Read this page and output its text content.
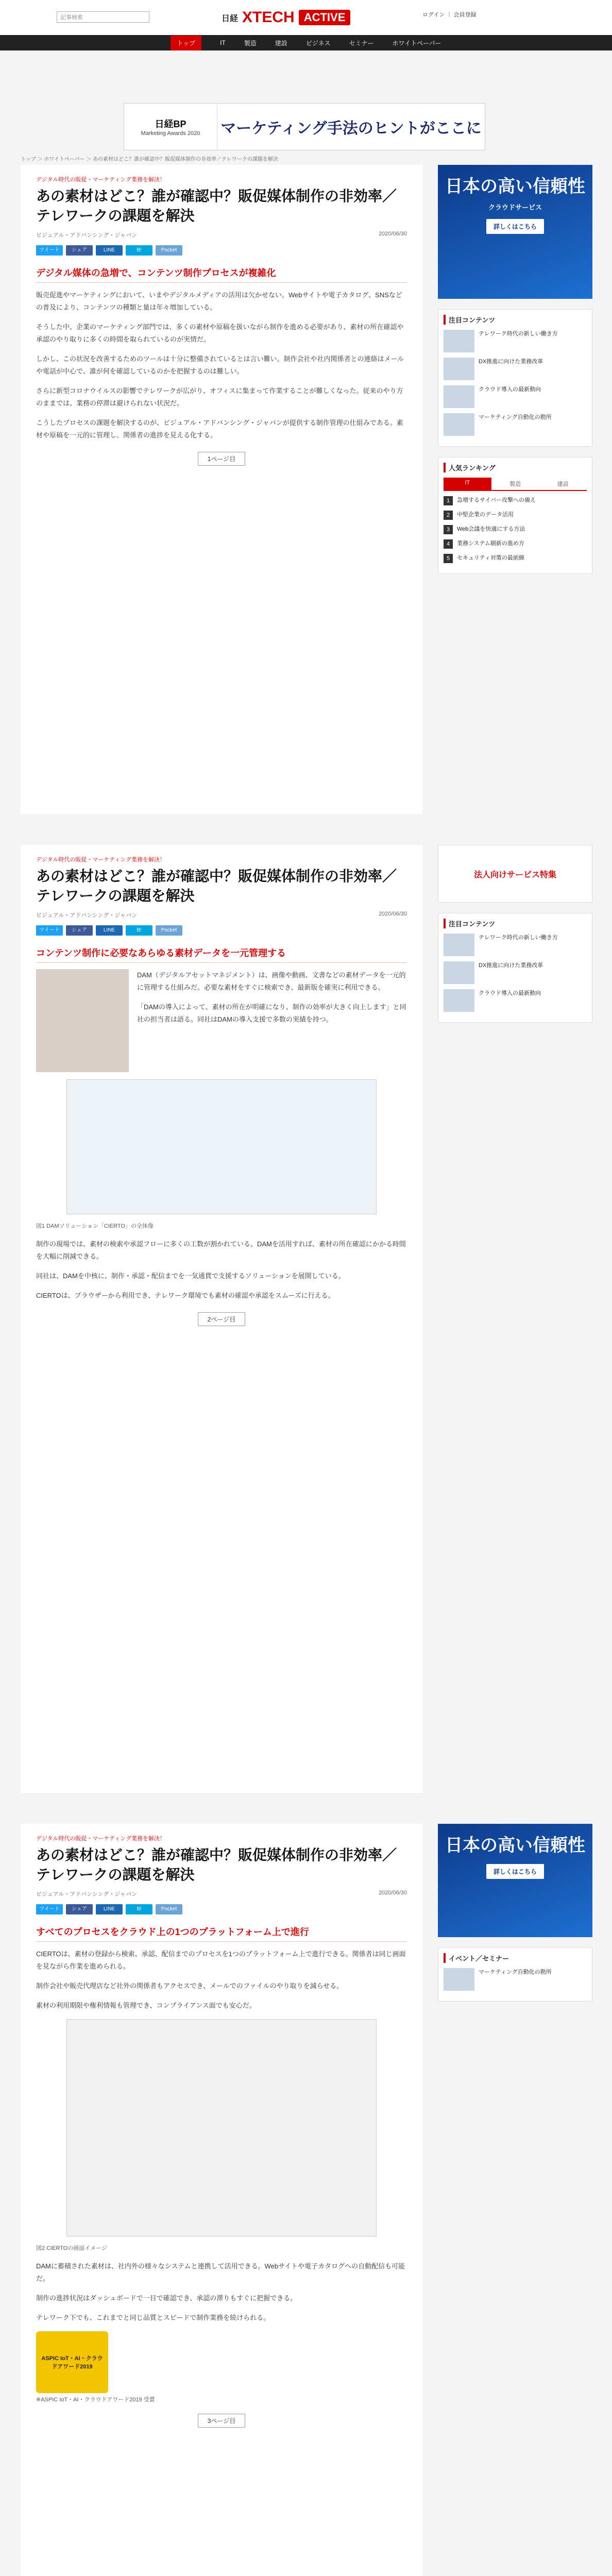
記事検索	日経 XTECH ACTIVE	ログイン ｜ 会員登録
トップ	IT	製造	建設	ビジネス	セミナー	ホワイトペーパー
日経BP
Marketing Awards 2020 マーケティング手法のヒントがここに
トップ ＞ ホワイトペーパー ＞ あの素材はどこ？誰が確認中？販促媒体制作の非効率／テレワークの課題を解決
デジタル時代の販促・マーケティング業務を解決！
あの素材はどこ？誰が確認中？販促媒体制作の非効率／テレワークの課題を解決
ビジュアル・アドバンシング・ジャパン	2020/06/30
ツイート	シェア	LINE	B!	Pocket
デジタル媒体の急増で、コンテンツ制作プロセスが複雑化

販売促進やマーケティングにおいて、いまやデジタルメディアの活用は欠かせない。Webサイトや電子カタログ、SNSなどの普及により、コンテンツの種類と量は年々増加している。

そうした中、企業のマーケティング部門では、多くの素材や原稿を扱いながら制作を進める必要があり、素材の所在確認や承認のやり取りに多くの時間を取られているのが実情だ。

しかし、この状況を改善するためのツールは十分に整備されているとは言い難い。制作会社や社内関係者との連絡はメールや電話が中心で、誰が何を確認しているのかを把握するのは難しい。

さらに新型コロナウイルスの影響でテレワークが広がり、オフィスに集まって作業することが難しくなった。従来のやり方のままでは、業務の停滞は避けられない状況だ。

こうしたプロセスの課題を解決するのが、ビジュアル・アドバンシング・ジャパンが提供する制作管理の仕組みである。素材や原稿を一元的に管理し、関係者の進捗を見える化する。

1ページ目
デジタル時代の販促・マーケティング業務を解決！
あの素材はどこ？誰が確認中？販促媒体制作の非効率／テレワークの課題を解決
ビジュアル・アドバンシング・ジャパン	2020/06/30
ツイート	シェア	LINE	B!	Pocket
コンテンツ制作に必要なあらゆる素材データを一元管理する

DAM（デジタルアセットマネジメント）は、画像や動画、文書などの素材データを一元的に管理する仕組みだ。必要な素材をすぐに検索でき、最新版を確実に利用できる。

「DAMの導入によって、素材の所在が明確になり、制作の効率が大きく向上します」と同社の担当者は語る。同社はDAMの導入支援で多数の実績を持つ。

図1 DAMソリューション「CIERTO」の全体像

制作の現場では、素材の検索や承認フローに多くの工数が割かれている。DAMを活用すれば、素材の所在確認にかかる時間を大幅に削減できる。

同社は、DAMを中核に、制作・承認・配信までを一気通貫で支援するソリューションを展開している。

CIERTOは、ブラウザーから利用でき、テレワーク環境でも素材の確認や承認をスムーズに行える。

2ページ目
デジタル時代の販促・マーケティング業務を解決！
あの素材はどこ？誰が確認中？販促媒体制作の非効率／テレワークの課題を解決
ビジュアル・アドバンシング・ジャパン	2020/06/30
ツイート	シェア	LINE	B!	Pocket
すべてのプロセスをクラウド上の1つのプラットフォーム上で進行

CIERTOは、素材の登録から検索、承認、配信までのプロセスを1つのプラットフォーム上で進行できる。関係者は同じ画面を見ながら作業を進められる。

制作会社や販売代理店など社外の関係者もアクセスでき、メールでのファイルのやり取りを減らせる。

素材の利用期限や権利情報も管理でき、コンプライアンス面でも安心だ。

図2 CIERTOの画面イメージ

DAMに蓄積された素材は、社内外の様々なシステムと連携して活用できる。Webサイトや電子カタログへの自動配信も可能だ。

制作の進捗状況はダッシュボードで一目で確認でき、承認の滞りもすぐに把握できる。

テレワーク下でも、これまでと同じ品質とスピードで制作業務を続けられる。

ASPIC IoT・AI・クラウドアワード2019
※ASPIC IoT・AI・クラウドアワード2019 受賞
3ページ目

日本の高い信頼性
クラウドサービス
詳しくはこちら
注目コンテンツ
テレワーク時代の新しい働き方
DX推進に向けた業務改革
クラウド導入の最新動向
マーケティング自動化の勘所
人気ランキング
IT	製造	建設
1	急増するサイバー攻撃への備え
2	中堅企業のデータ活用
3	Web会議を快適にする方法
4	業務システム刷新の進め方
5	セキュリティ対策の最前線
法人向けサービス特集
注目コンテンツ
テレワーク時代の新しい働き方
DX推進に向けた業務改革
クラウド導入の最新動向
日本の高い信頼性
詳しくはこちら
イベント／セミナー
マーケティング自動化の勘所
